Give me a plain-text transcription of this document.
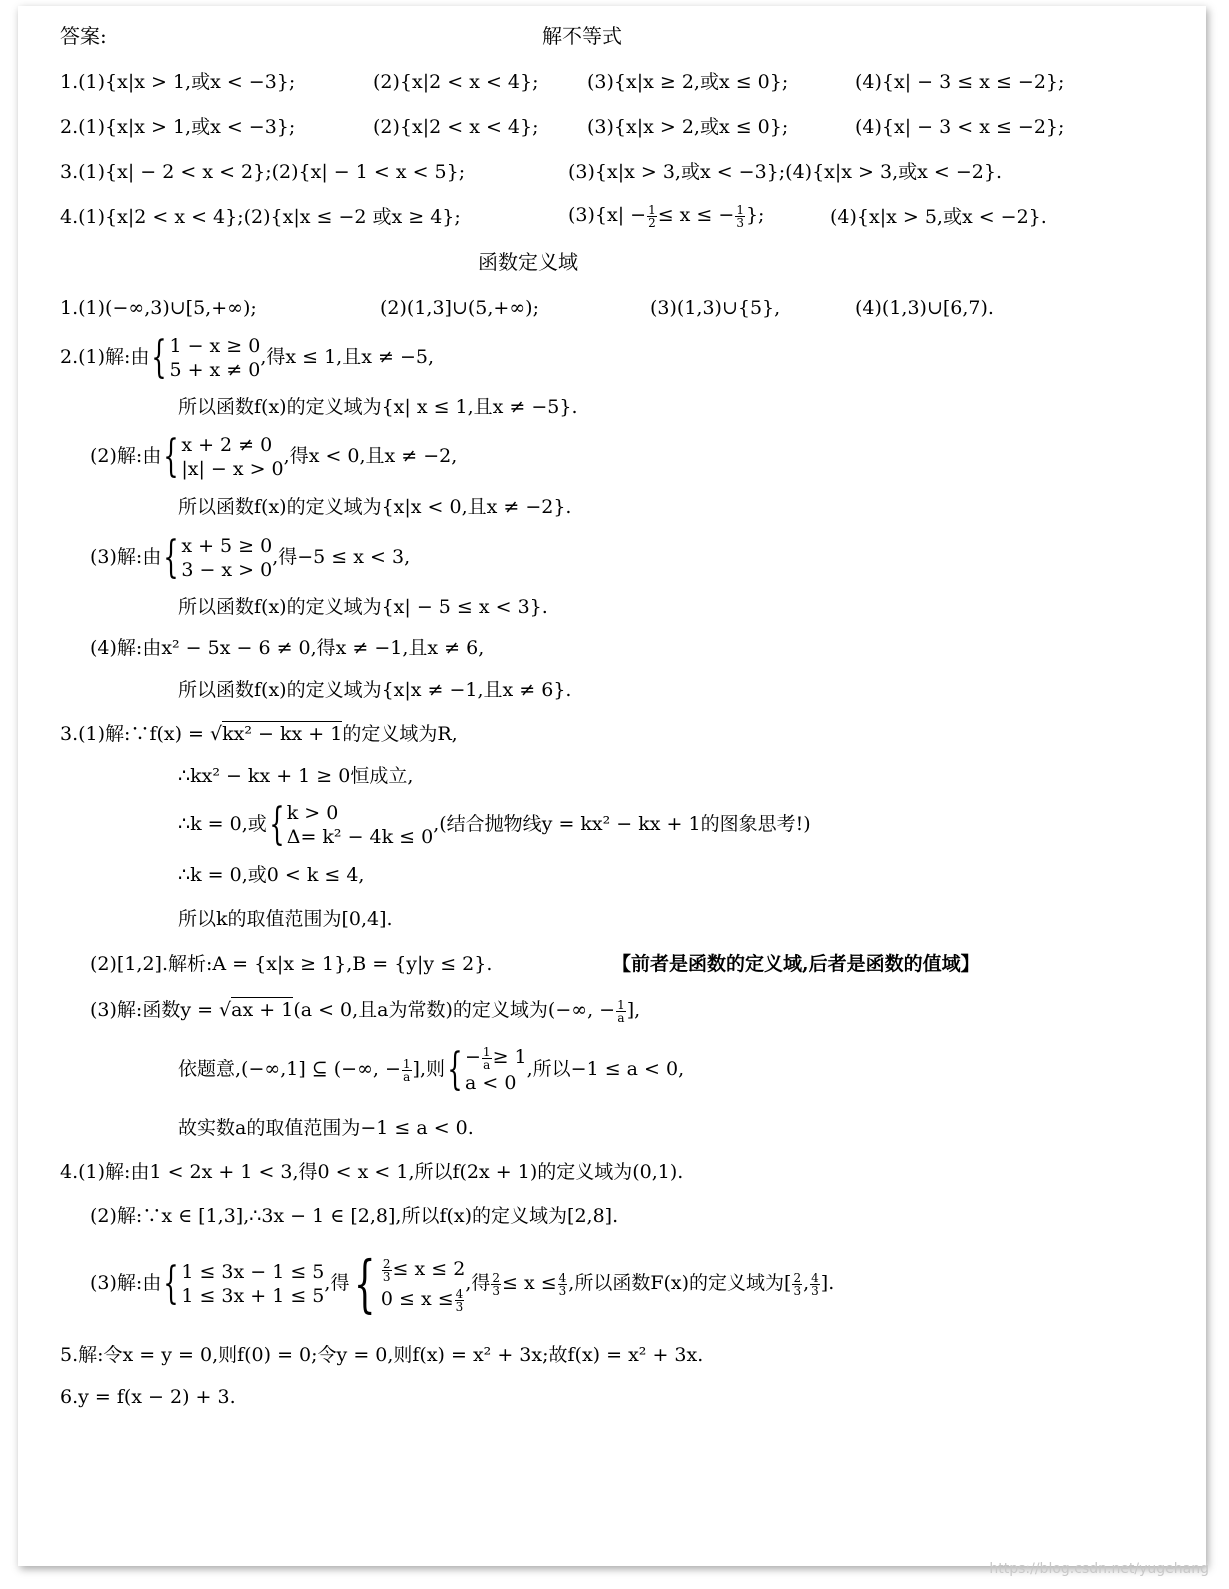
答案:	解不等式
1.(1){x|x > 1,或x < −3};	(2){x|2 < x < 4};	(3){x|x ≥ 2,或x ≤ 0};	(4){x| − 3 ≤ x ≤ −2};
2.(1){x|x > 1,或x < −3};	(2){x|2 < x < 4};	(3){x|x > 2,或x ≤ 0};	(4){x| − 3 < x ≤ −2};
3.(1){x| − 2 < x < 2};(2){x| − 1 < x < 5};	(3){x|x > 3,或x < −3};(4){x|x > 3,或x < −2}.
4.(1){x|2 < x < 4};(2){x|x ≤ −2 或x ≥ 4};	$(3)\{x| - \frac{1}{2} \le x$ ≤ − $\frac{1}{3}$ };	(4){x|x > 5,或x < −2}.
函数定义域
1.(1)(−∞,3)∪[5,+∞);	(2)(1,3]∪(5,+∞);	(3)(1,3)∪{5},	(4)(1,3)∪[6,7).
2.(1)解:由{ 1 − x ≥ 0
5 + x ≠ 0
,得x ≤ 1,且x ≠ −5,
所以函数f(x)的定义域为{x| x ≤ 1,且x ≠ −5}.
(2)解:由{ x + 2 ≠ 0
|x| − x > 0
,得x < 0,且x ≠ −2,
所以函数f(x)的定义域为{x|x < 0,且x ≠ −2}.
(3)解:由{ x + 5 ≥ 0
3 − x > 0
,得−5 ≤ x < 3,
所以函数f(x)的定义域为{x| − 5 ≤ x < 3}.
(4)解:由x² − 5x − 6 ≠ 0,得x ≠ −1,且x ≠ 6,
所以函数f(x)的定义域为{x|x ≠ −1,且x ≠ 6}.
3.(1)解:∵f(x) = √kx² − kx + 1的定义域为R,
∴kx² − kx + 1 ≥ 0恒成立,
∴k = 0,或{ k > 0
Δ= k² − 4k ≤ 0
,(结合抛物线y = kx² − kx + 1的图象思考!)
∴k = 0,或0 < k ≤ 4,
所以k的取值范围为[0,4].
(2)[1,2].解析:A = {x|x ≥ 1},B = {y|y ≤ 2}.	【前者是函数的定义域,后者是函数的值域】
(3)解:函数y = √ax + 1(a < 0,且a为常数)的定义域为(−∞, − $\frac{1}{a}$ ],
依题意,(−∞,1] ⊆ (−∞, − $\frac{1}{a}$ ],则{ − $\frac{1}{a} \ge 1$
a < 0
,所以−1 ≤ a < 0,
故实数a的取值范围为−1 ≤ a < 0.
4.(1)解:由1 < 2x + 1 < 3,得0 < x < 1,所以f(2x + 1)的定义域为(0,1).
(2)解:∵x ∈ [1,3],∴3x − 1 ∈ [2,8],所以f(x)的定义域为[2,8].
(3)解:由{ 1 ≤ 3x − 1 ≤ 5
1 ≤ 3x + 1 ≤ 5
,得{ $\frac{2}{3} \le x \le 2$
$0 \le x \le \frac{4}{3}$
,得 $\frac{2}{3} \le x \le \frac{4}{3}$ ,所以函数F(x)的定义域为[ $\frac{2}{3}$ , $\frac{4}{3}$ ].
5.解:令x = y = 0,则f(0) = 0;令y = 0,则f(x) = x² + 3x;故f(x) = x² + 3x.
6.y = f(x − 2) + 3.
https://blog.csdn.net/yugehang
